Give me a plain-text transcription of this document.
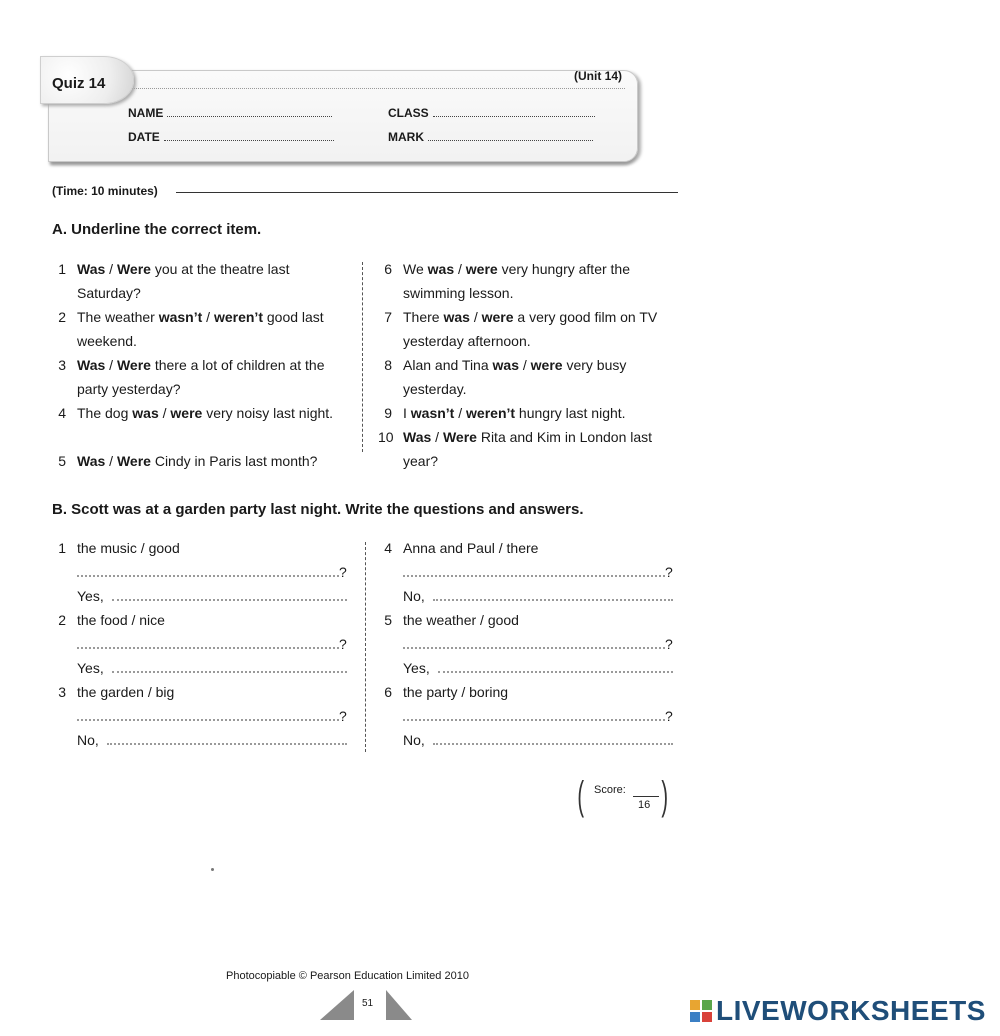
Quiz 14	(Unit 14)
NAME	CLASS
DATE	MARK
(Time: 10 minutes)
A. Underline the correct item.
1 Was / Were you at the theatre last Saturday?
2 The weather wasn’t / weren’t good last weekend.
3 Was / Were there a lot of children at the party yesterday?
4 The dog was / were very noisy last night.
5 Was / Were Cindy in Paris last month?
6 We was / were very hungry after the swimming lesson.
7 There was / were a very good film on TV yesterday afternoon.
8 Alan and Tina was / were very busy yesterday.
9 I wasn’t / weren’t hungry last night.
10 Was / Were Rita and Kim in London last year?
B. Scott was at a garden party last night. Write the questions and answers.
1 the music / good
?
Yes,
2 the food / nice
?
Yes,
3 the garden / big
?
No,
4 Anna and Paul / there
?
No,
5 the weather / good
?
Yes,
6 the party / boring
?
No,
( Score:
16 )
Photocopiable © Pearson Education Limited 2010
51	LIVEWORKSHEETS
